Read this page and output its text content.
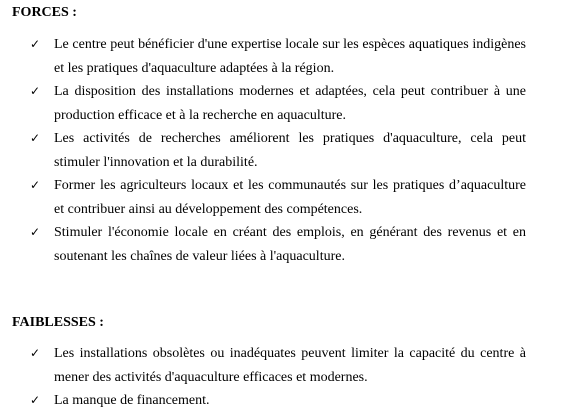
FORCES :
✓ Le centre peut bénéficier d'une expertise locale sur les espèces aquatiques indigènes et les pratiques d'aquaculture adaptées à la région.
✓ La disposition des installations modernes et adaptées, cela peut contribuer à une production efficace et à la recherche en aquaculture.
✓ Les activités de recherches améliorent les pratiques d'aquaculture, cela peut stimuler l'innovation et la durabilité.
✓ Former les agriculteurs locaux et les communautés sur les pratiques d’aquaculture et contribuer ainsi au développement des compétences.
✓ Stimuler l'économie locale en créant des emplois, en générant des revenus et en soutenant les chaînes de valeur liées à l'aquaculture.
FAIBLESSES :
✓ Les installations obsolètes ou inadéquates peuvent limiter la capacité du centre à mener des activités d'aquaculture efficaces et modernes.
✓ La manque de financement.
